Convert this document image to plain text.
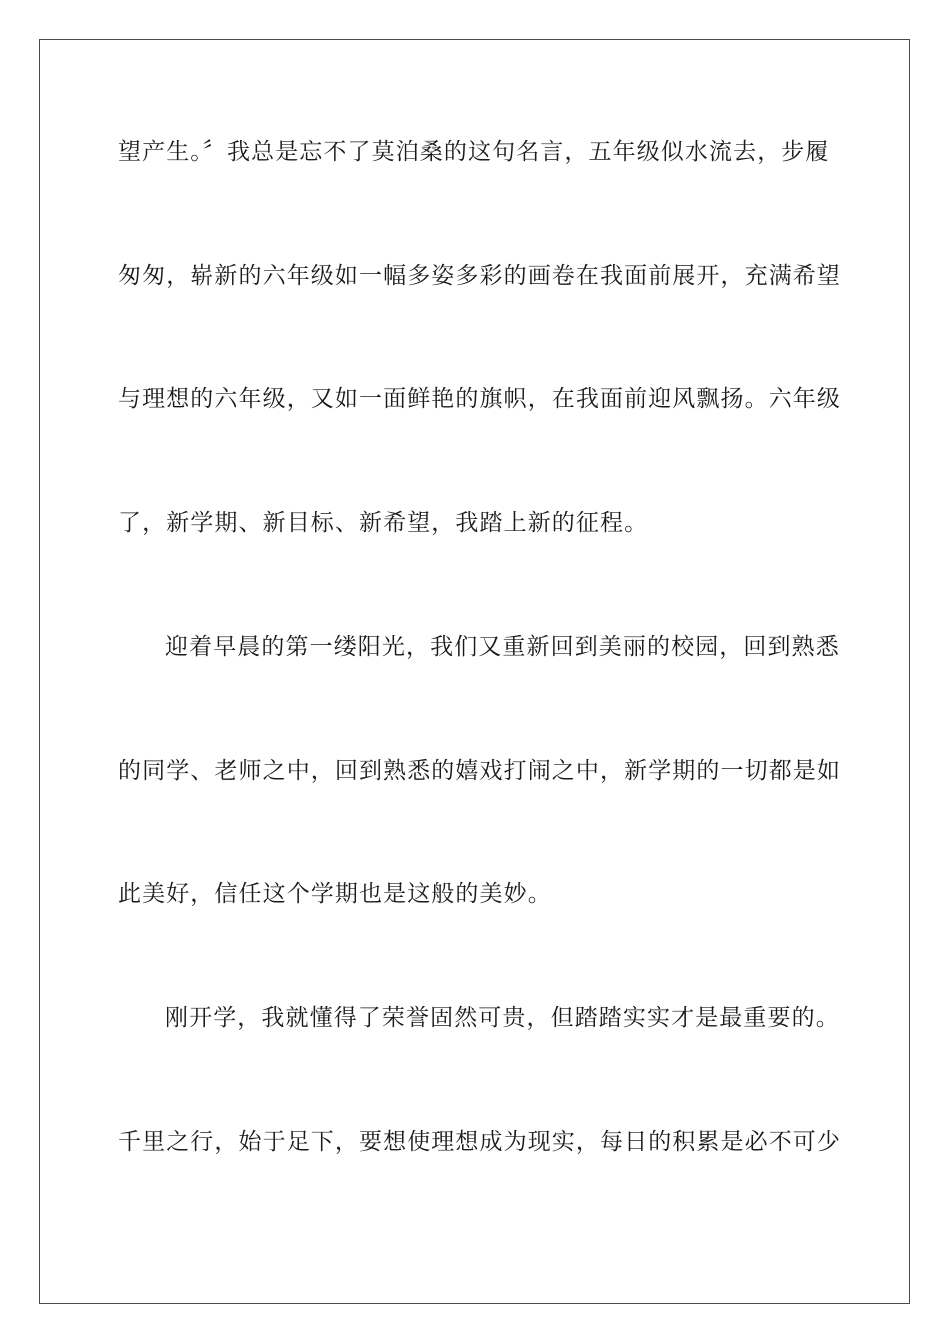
望产生。〞我总是忘不了莫泊桑的这句名言，五年级似水流去，步履
匆匆，崭新的六年级如一幅多姿多彩的画卷在我面前展开，充满希望
与理想的六年级，又如一面鲜艳的旗帜，在我面前迎风飘扬。六年级
了，新学期、新目标、新希望，我踏上新的征程。
迎着早晨的第一缕阳光，我们又重新回到美丽的校园，回到熟悉
的同学、老师之中，回到熟悉的嬉戏打闹之中，新学期的一切都是如
此美好，信任这个学期也是这般的美妙。
刚开学，我就懂得了荣誉固然可贵，但踏踏实实才是最重要的。
千里之行，始于足下，要想使理想成为现实，每日的积累是必不可少
